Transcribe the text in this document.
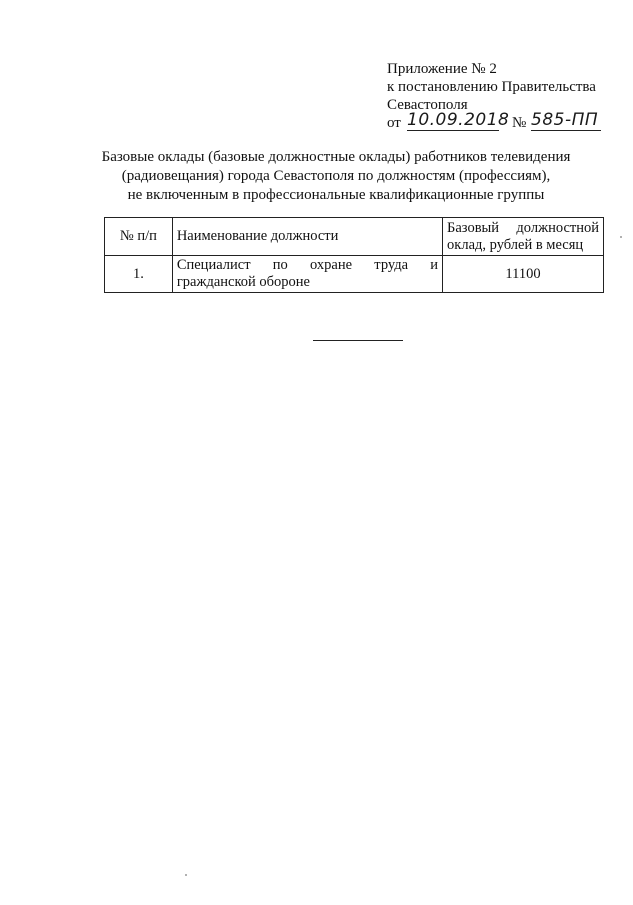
Приложение № 2
к постановлению Правительства
Севастополя
от 10.09.2018 № 585-ПП
Базовые оклады (базовые должностные оклады) работников телевидения
(радиовещания) города Севастополя по должностям (профессиям),
не включенным в профессиональные квалификационные группы
№ п/п	Наименование должности	Базовый должностной оклад, рублей в месяц
1.	Специалист по охране труда и гражданской обороне	11100
